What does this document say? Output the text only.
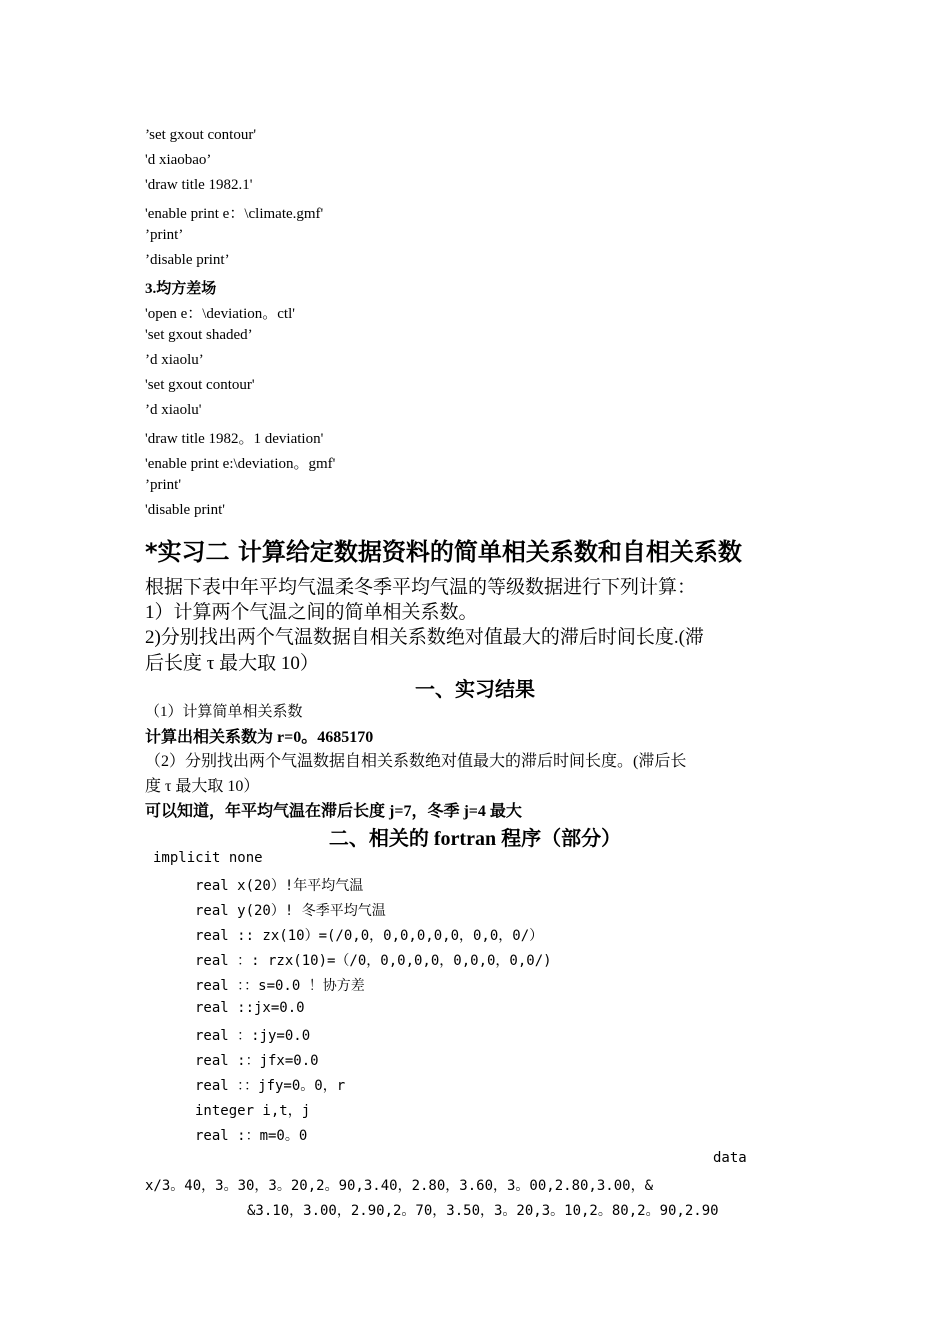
’set gxout contour'
'd xiaobao’
'draw title 1982.1'
'enable print e：\climate.gmf'
’print’
’disable print’
3.均方差场
'open e：\deviation。ctl'
'set gxout shaded’
’d xiaolu’
'set gxout contour'
’d xiaolu'
'draw title 1982。1 deviation'
'enable print e:\deviation。gmf'
’print'
'disable print'
*实习二 计算给定数据资料的简单相关系数和自相关系数
根据下表中年平均气温柔冬季平均气温的等级数据进行下列计算：
1）计算两个气温之间的简单相关系数。
2)分别找出两个气温数据自相关系数绝对值最大的滞后时间长度.(滞
后长度 τ 最大取 10）
一、实习结果
（1）计算简单相关系数
计算出相关系数为 r=0。4685170
（2）分别找出两个气温数据自相关系数绝对值最大的滞后时间长度。(滞后长
度 τ 最大取 10）
可以知道，年平均气温在滞后长度 j=7，冬季 j=4 最大
二、相关的 fortran 程序（部分）
implicit none
real x(20）!年平均气温
real y(20）! 冬季平均气温
real :: zx(10）=(/0,0，0,0,0,0,0，0,0，0/）
real ：: rzx(10)=（/0，0,0,0,0，0,0,0，0,0/)
real ：：s=0.0 ！协方差
real ::jx=0.0
real ：:jy=0.0
real :：jfx=0.0
real ：：jfy=0。0，r
integer i,t，j
real :：m=0。0
data
x/3。40，3。30，3。20,2。90,3.40，2.80，3.60，3。00,2.80,3.00，&
&3.10，3.00，2.90,2。70，3.50，3。20,3。10,2。80,2。90,2.90
